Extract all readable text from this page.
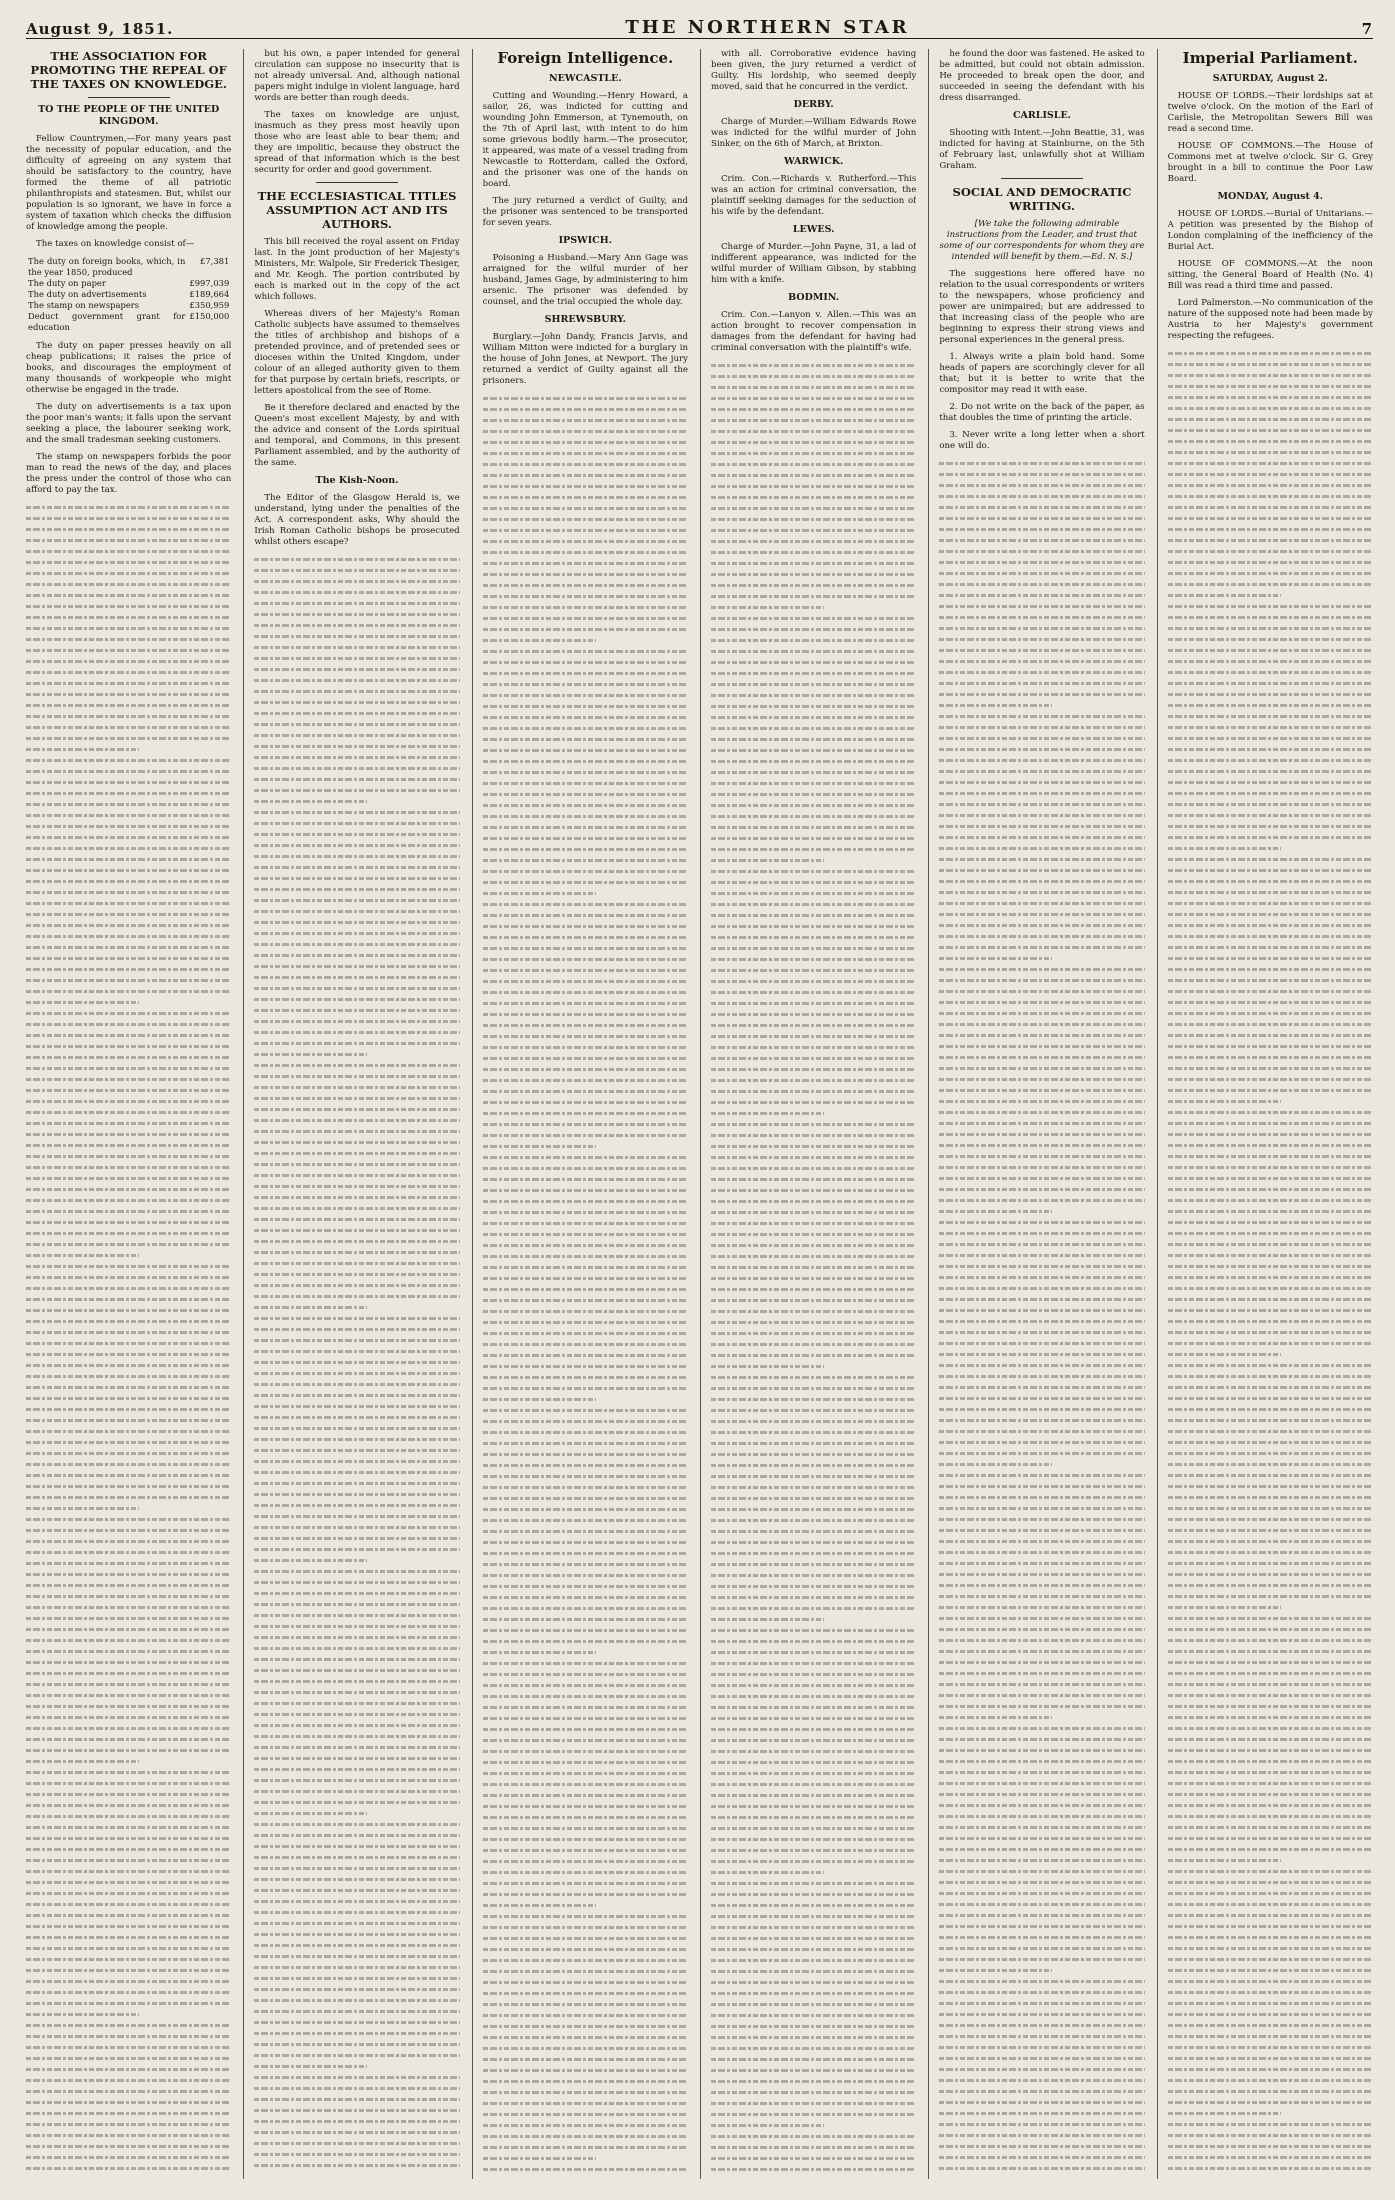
August 9, 1851.	THE NORTHERN STAR	7

THE ASSOCIATION FOR PROMOTING THE REPEAL OF THE TAXES ON KNOWLEDGE.

TO THE PEOPLE OF THE UNITED KINGDOM.

Fellow Countrymen,—For many years past the necessity of popular education, and the difficulty of agreeing on any system that should be satisfactory to the country, have formed the theme of all patriotic philanthropists and statesmen. But, whilst our population is so ignorant, we have in force a system of taxation which checks the diffusion of knowledge among the people.

The taxes on knowledge consist of—

The duty on foreign books, which, in the year 1850, produced	£7,381
The duty on paper	£997,039
The duty on advertisements	£189,664
The stamp on newspapers	£350,959
Deduct government grant for education	£150,000

The duty on paper presses heavily on all cheap publications; it raises the price of books, and discourages the employment of many thousands of workpeople who might otherwise be engaged in the trade.

The duty on advertisements is a tax upon the poor man's wants; it falls upon the servant seeking a place, the labourer seeking work, and the small tradesman seeking customers.

The stamp on newspapers forbids the poor man to read the news of the day, and places the press under the control of those who can afford to pay the tax.

but his own, a paper intended for general circulation can suppose no insecurity that is not already universal. And, although national papers might indulge in violent language, hard words are better than rough deeds.

The taxes on knowledge are unjust, inasmuch as they press most heavily upon those who are least able to bear them; and they are impolitic, because they obstruct the spread of that information which is the best security for order and good government.

THE ECCLESIASTICAL TITLES ASSUMPTION ACT AND ITS AUTHORS.

This bill received the royal assent on Friday last. In the joint production of her Majesty's Ministers, Mr. Walpole, Sir Frederick Thesiger, and Mr. Keogh. The portion contributed by each is marked out in the copy of the act which follows.

Whereas divers of her Majesty's Roman Catholic subjects have assumed to themselves the titles of archbishop and bishops of a pretended province, and of pretended sees or dioceses within the United Kingdom, under colour of an alleged authority given to them for that purpose by certain briefs, rescripts, or letters apostolical from the see of Rome.

Be it therefore declared and enacted by the Queen's most excellent Majesty, by and with the advice and consent of the Lords spiritual and temporal, and Commons, in this present Parliament assembled, and by the authority of the same.

The Kish-Noon.

The Editor of the Glasgow Herald is, we understand, lying under the penalties of the Act. A correspondent asks, Why should the Irish Roman Catholic bishops be prosecuted whilst others escape?

Foreign Intelligence.

NEWCASTLE.

Cutting and Wounding.—Henry Howard, a sailor, 26, was indicted for cutting and wounding John Emmerson, at Tynemouth, on the 7th of April last, with intent to do him some grievous bodily harm.—The prosecutor, it appeared, was mate of a vessel trading from Newcastle to Rotterdam, called the Oxford, and the prisoner was one of the hands on board.

The jury returned a verdict of Guilty, and the prisoner was sentenced to be transported for seven years.

IPSWICH.

Poisoning a Husband.—Mary Ann Gage was arraigned for the wilful murder of her husband, James Gage, by administering to him arsenic. The prisoner was defended by counsel, and the trial occupied the whole day.

SHREWSBURY.

Burglary.—John Dandy, Francis Jarvis, and William Mitton were indicted for a burglary in the house of John Jones, at Newport. The jury returned a verdict of Guilty against all the prisoners.

with all. Corroborative evidence having been given, the jury returned a verdict of Guilty. His lordship, who seemed deeply moved, said that he concurred in the verdict.

DERBY.

Charge of Murder.—William Edwards Rowe was indicted for the wilful murder of John Sinker, on the 6th of March, at Brixton.

WARWICK.

Crim. Con.—Richards v. Rutherford.—This was an action for criminal conversation, the plaintiff seeking damages for the seduction of his wife by the defendant.

LEWES.

Charge of Murder.—John Payne, 31, a lad of indifferent appearance, was indicted for the wilful murder of William Gibson, by stabbing him with a knife.

BODMIN.

Crim. Con.—Lanyon v. Allen.—This was an action brought to recover compensation in damages from the defendant for having had criminal conversation with the plaintiff's wife.

he found the door was fastened. He asked to be admitted, but could not obtain admission. He proceeded to break open the door, and succeeded in seeing the defendant with his dress disarranged.

CARLISLE.

Shooting with Intent.—John Beattie, 31, was indicted for having at Stainburne, on the 5th of February last, unlawfully shot at William Graham.

SOCIAL AND DEMOCRATIC WRITING.

[We take the following admirable instructions from the Leader, and trust that some of our correspondents for whom they are intended will benefit by them.—Ed. N. S.]

The suggestions here offered have no relation to the usual correspondents or writers to the newspapers, whose proficiency and power are unimpaired; but are addressed to that increasing class of the people who are beginning to express their strong views and personal experiences in the general press.

1. Always write a plain bold hand. Some heads of papers are scorchingly clever for all that; but it is better to write that the compositor may read it with ease.

2. Do not write on the back of the paper, as that doubles the time of printing the article.

3. Never write a long letter when a short one will do.

Imperial Parliament.

SATURDAY, August 2.

HOUSE OF LORDS.—Their lordships sat at twelve o'clock. On the motion of the Earl of Carlisle, the Metropolitan Sewers Bill was read a second time.

HOUSE OF COMMONS.—The House of Commons met at twelve o'clock. Sir G. Grey brought in a bill to continue the Poor Law Board.

MONDAY, August 4.

HOUSE OF LORDS.—Burial of Unitarians.—A petition was presented by the Bishop of London complaining of the inefficiency of the Burial Act.

HOUSE OF COMMONS.—At the noon sitting, the General Board of Health (No. 4) Bill was read a third time and passed.

Lord Palmerston.—No communication of the nature of the supposed note had been made by Austria to her Majesty's government respecting the refugees.
